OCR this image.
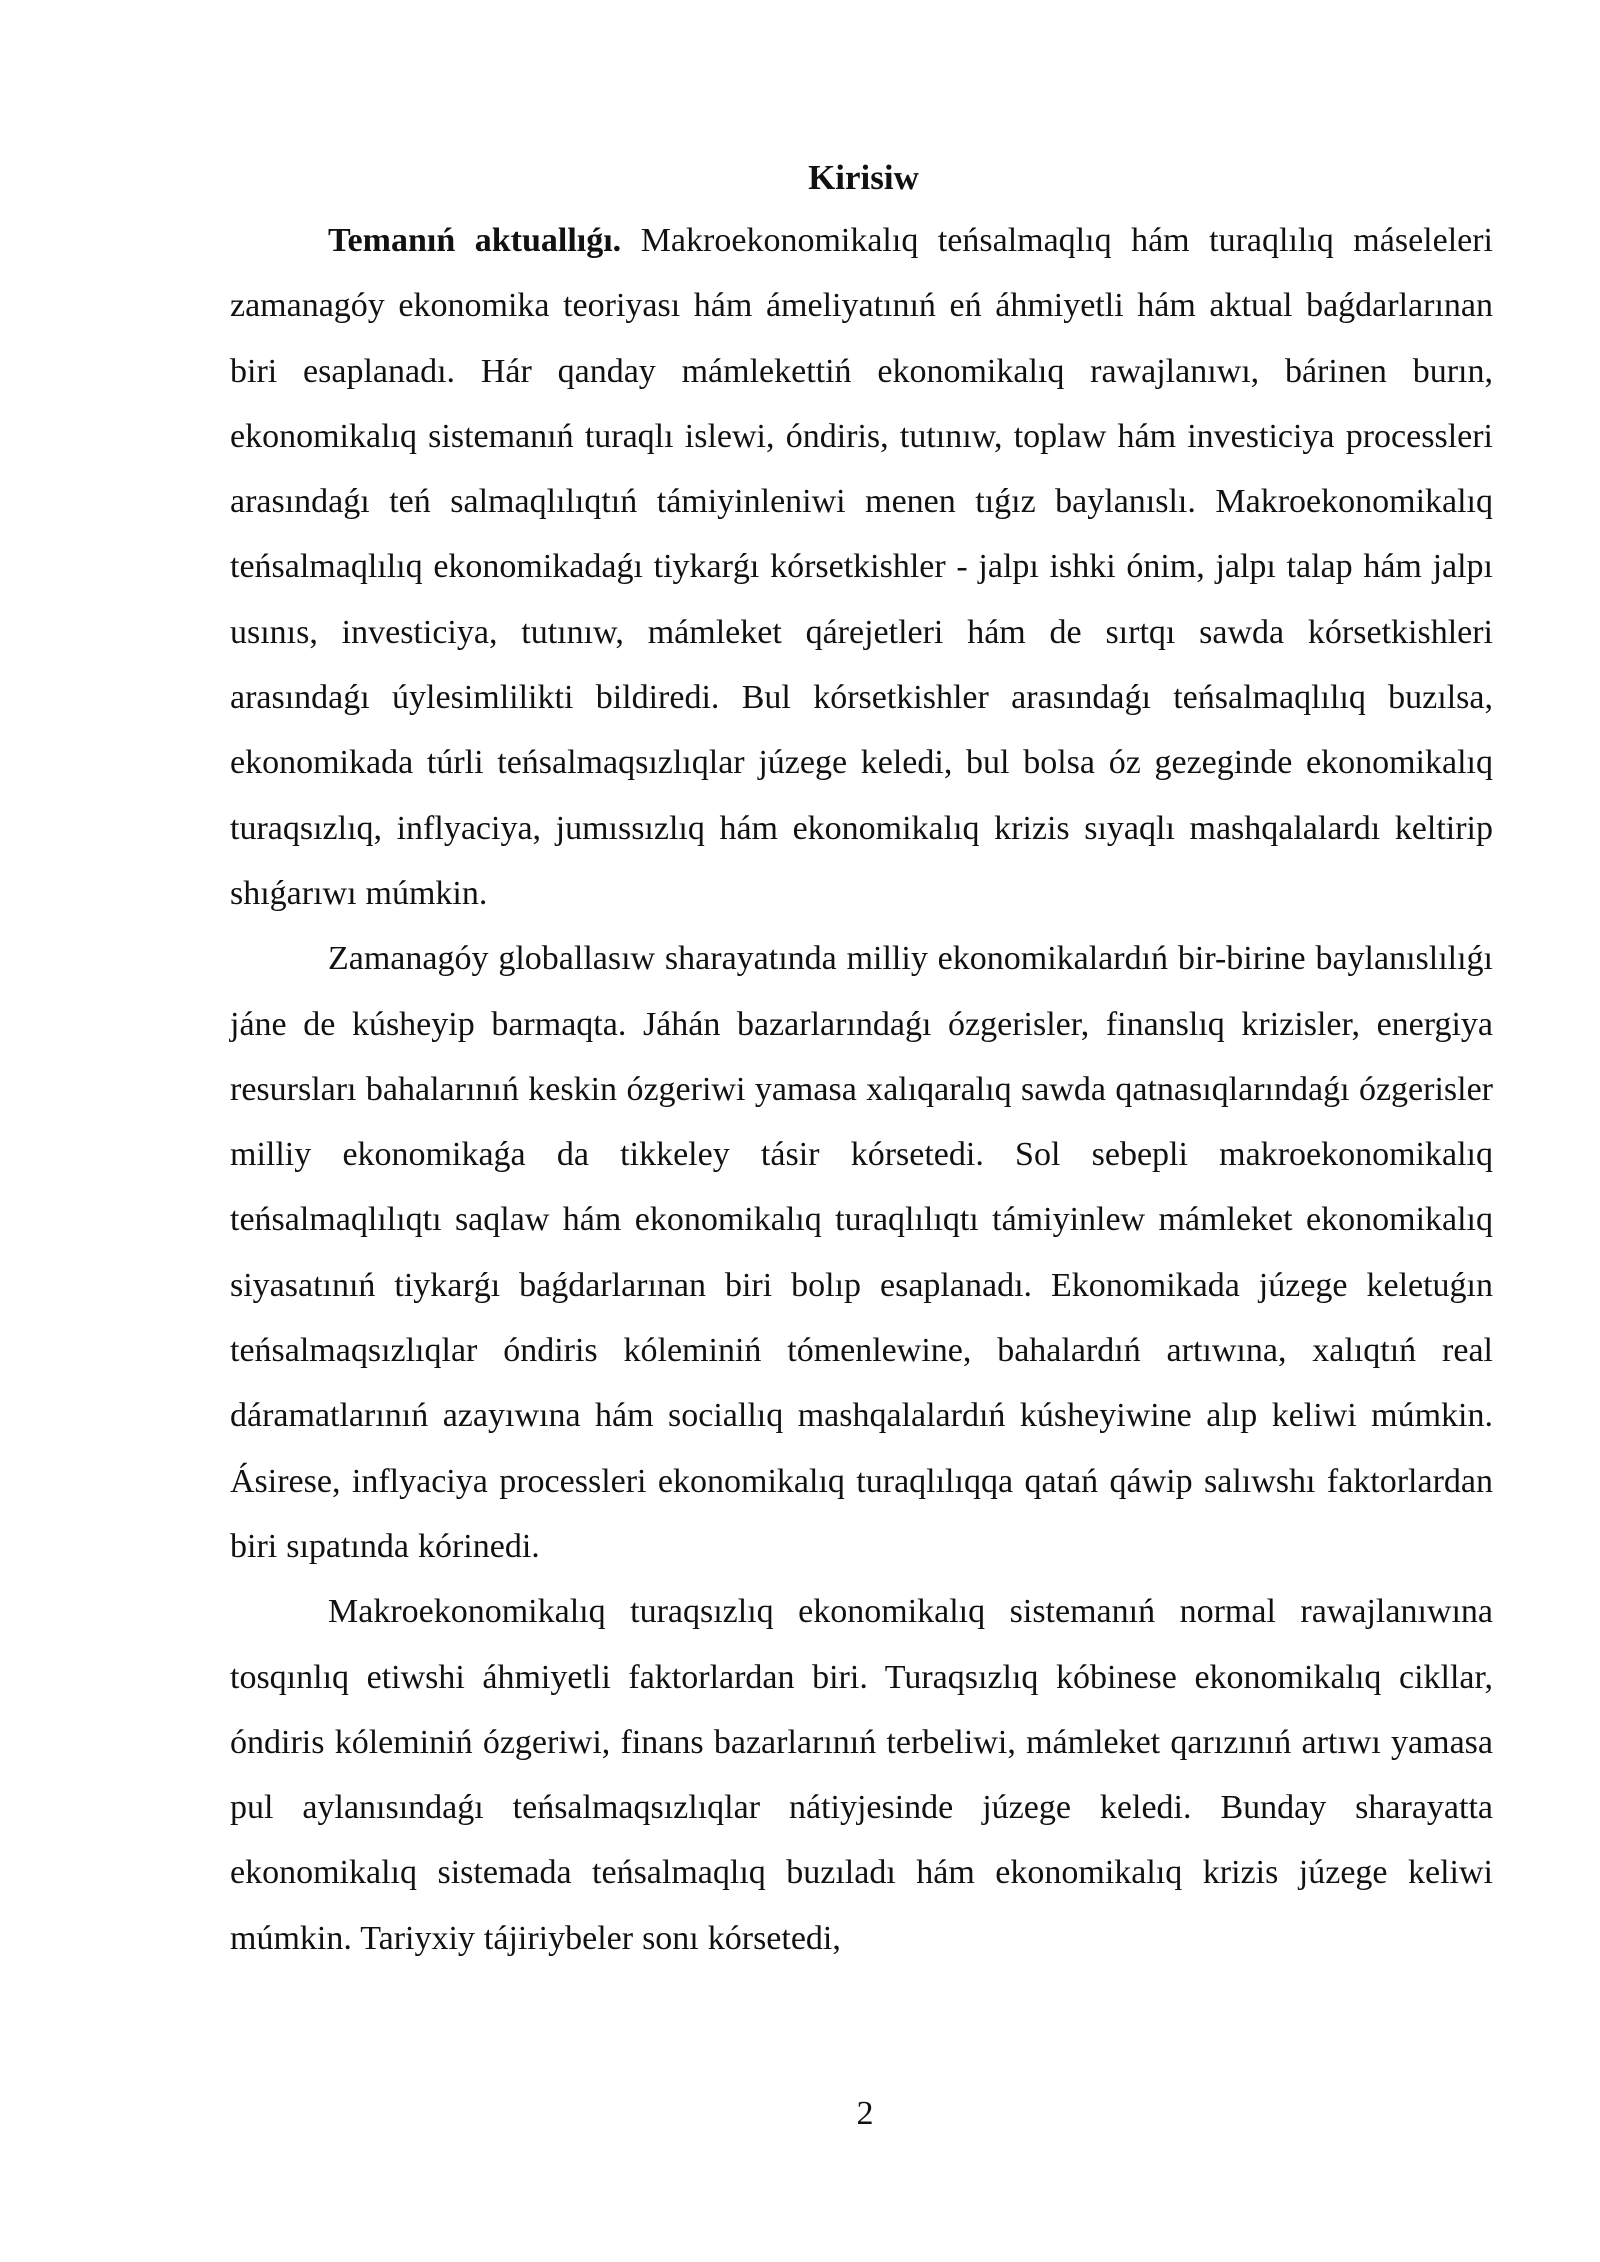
Kirisiw

Temanıń aktuallıǵı. Makroekonomikalıq teńsalmaqlıq hám turaqlılıq máseleleri zamanagóy ekonomika teoriyası hám ámeliyatınıń eń áhmiyetli hám aktual baǵdarlarınan biri esaplanadı. Hár qanday mámlekettiń ekonomikalıq rawajlanıwı, bárinen burın, ekonomikalıq sistemanıń turaqlı islewi, óndiris, tutınıw, toplaw hám investiciya processleri arasındaǵı teń salmaqlılıqtıń támiyinleniwi menen tıǵız baylanıslı. Makroekonomikalıq teńsalmaqlılıq ekonomikadaǵı tiykarǵı kórsetkishler - jalpı ishki ónim, jalpı talap hám jalpı usınıs, investiciya, tutınıw, mámleket qárejetleri hám de sırtqı sawda kórsetkishleri arasındaǵı úylesimlilikti bildiredi. Bul kórsetkishler arasındaǵı teńsalmaqlılıq buzılsa, ekonomikada túrli teńsalmaqsızlıqlar júzege keledi, bul bolsa óz gezeginde ekonomikalıq turaqsızlıq, inflyaciya, jumıssızlıq hám ekonomikalıq krizis sıyaqlı mashqalalardı keltirip shıǵarıwı múmkin.

Zamanagóy globallasıw sharayatında milliy ekonomikalardıń bir-birine baylanıslılıǵı jáne de kúsheyip barmaqta. Jáhán bazarlarındaǵı ózgerisler, finanslıq krizisler, energiya resursları bahalarınıń keskin ózgeriwi yamasa xalıqaralıq sawda qatnasıqlarındaǵı ózgerisler milliy ekonomikaǵa da tikkeley tásir kórsetedi. Sol sebepli makroekonomikalıq teńsalmaqlılıqtı saqlaw hám ekonomikalıq turaqlılıqtı támiyinlew mámleket ekonomikalıq siyasatınıń tiykarǵı baǵdarlarınan biri bolıp esaplanadı. Ekonomikada júzege keletuǵın teńsalmaqsızlıqlar óndiris kóleminiń tómenlewine, bahalardıń artıwına, xalıqtıń real dáramatlarınıń azayıwına hám sociallıq mashqalalardıń kúsheyiwine alıp keliwi múmkin. Ásirese, inflyaciya processleri ekonomikalıq turaqlılıqqa qatań qáwip salıwshı faktorlardan biri sıpatında kórinedi.

Makroekonomikalıq turaqsızlıq ekonomikalıq sistemanıń normal rawajlanıwına tosqınlıq etiwshi áhmiyetli faktorlardan biri. Turaqsızlıq kóbinese ekonomikalıq cikllar, óndiris kóleminiń ózgeriwi, finans bazarlarınıń terbeliwi, mámleket qarızınıń artıwı yamasa pul aylanısındaǵı teńsalmaqsızlıqlar nátiyjesinde júzege keledi. Bunday sharayatta ekonomikalıq sistemada teńsalmaqlıq buzıladı hám ekonomikalıq krizis júzege keliwi múmkin. Tariyxiy tájiriybeler sonı kórsetedi,

2
